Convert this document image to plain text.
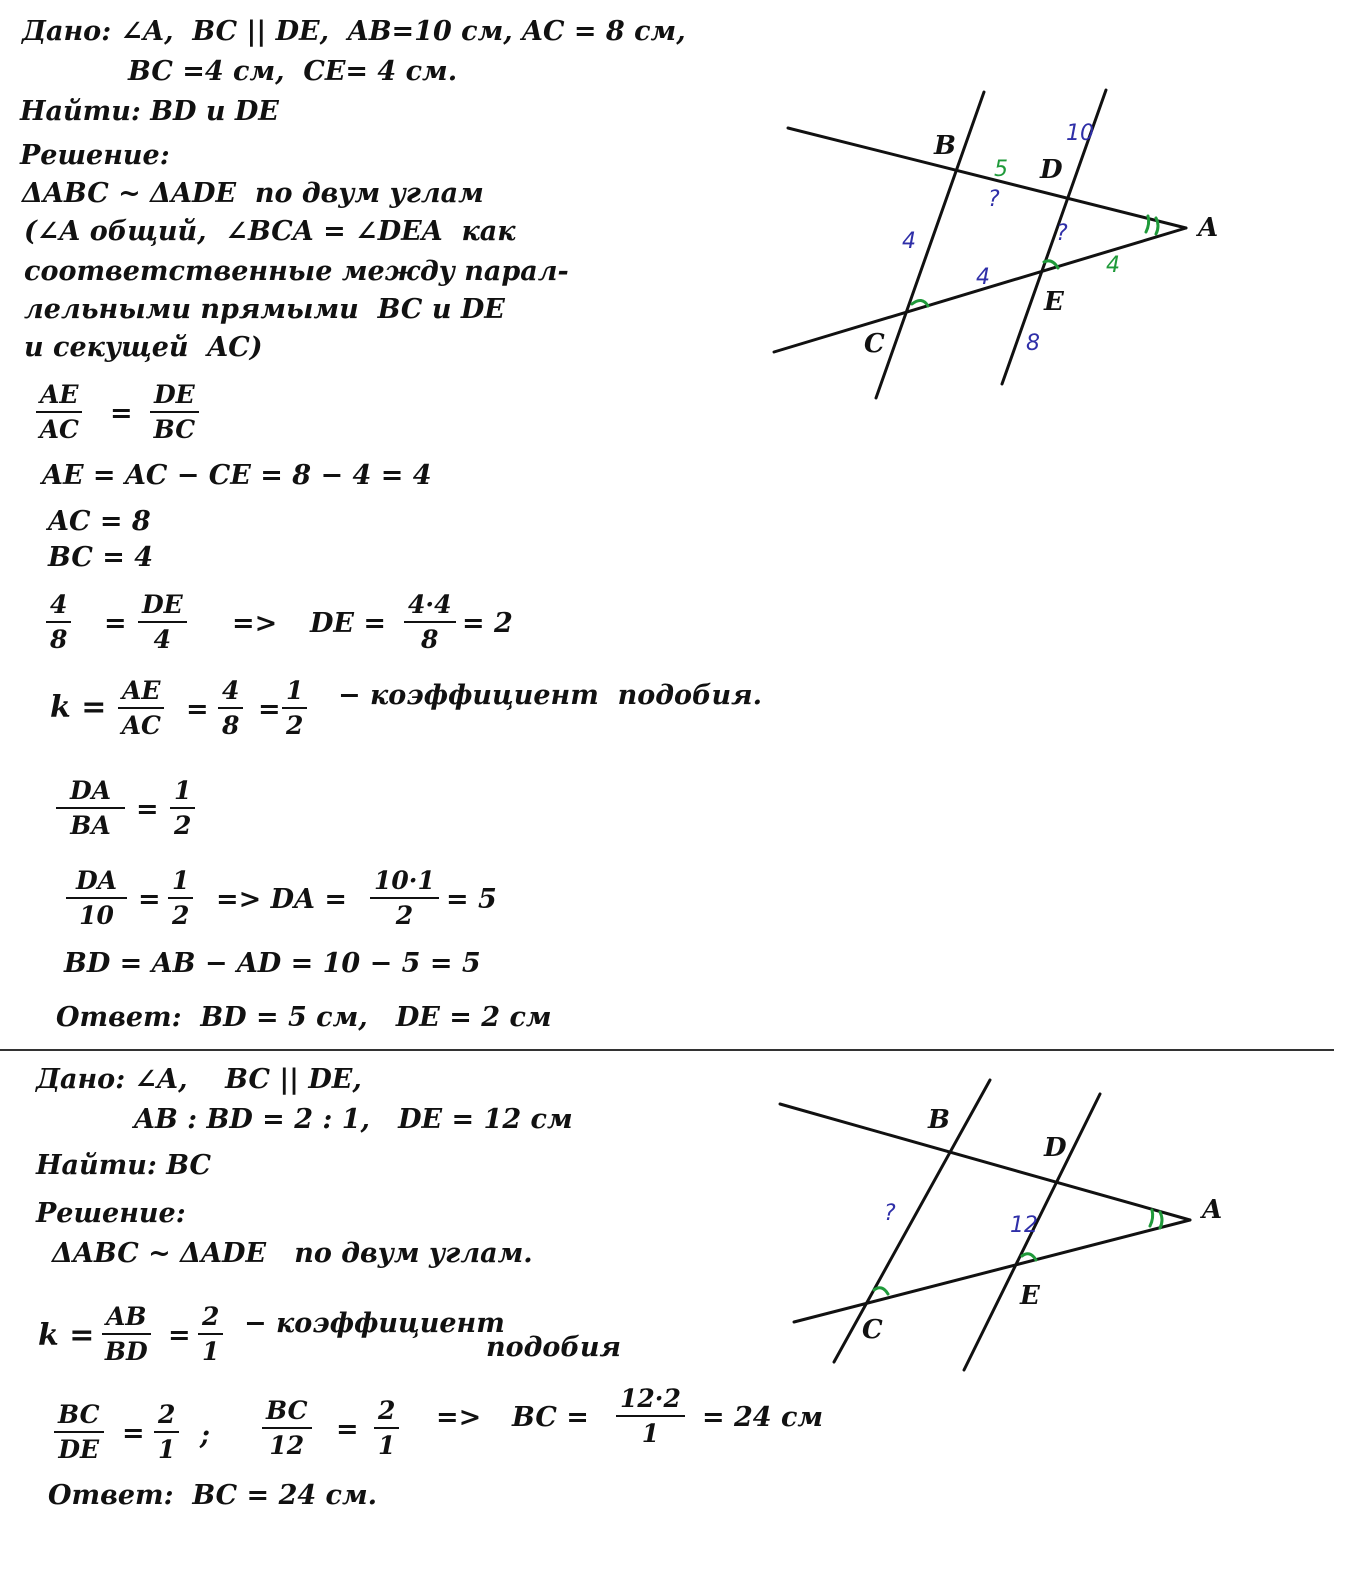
Дано: ∠A,  BC || DE,  AB=10 см, AC = 8 см,
BC =4 см,  CE= 4 см.
Найти: BD и DE
Решение:
ΔABC ~ ΔADE  по двум углам
(∠A общий,  ∠BCA = ∠DEA  как
соответственные между парал-
лельными прямыми  BC и DE
и секущей  AC)
$\frac{AE}{AC} = \frac{DE}{BC}$
AE = AC − CE = 8 − 4 = 4
AC = 8
BC = 4
$\frac{4}{8} = \frac{DE}{4}$ => DE = $\frac{4\cdot 4}{8} = 2$
$k = \frac{AE}{AC} = \frac{4}{8} = \frac{1}{2}$ − коэффициент  подобия.
$\frac{DA}{BA} = \frac{1}{2}$
$\frac{DA}{10} = \frac{1}{2}$ => DA = $\frac{10\cdot 1}{2} = 5$
BD = AB − AD = 10 − 5 = 5
Ответ:  BD = 5 см,   DE = 2 см
Дано: ∠A,    BC || DE,
AB : BD = 2 : 1,   DE = 12 см
Найти: BC
Решение:
ΔABC ~ ΔADE   по двум углам.
$k = \frac{AB}{BD} = \frac{2}{1}$ − коэффициент
подобия
$\frac{BC}{DE} = \frac{2}{1}$ ; $\frac{BC}{12} = \frac{2}{1}$ => BC = $\frac{12\cdot 2}{1} = 24$ см
Ответ:  BC = 24 см.
B
D
A
C
E
10
4
4
8
?
?
5
4
B
D
A
C
E
?	12
